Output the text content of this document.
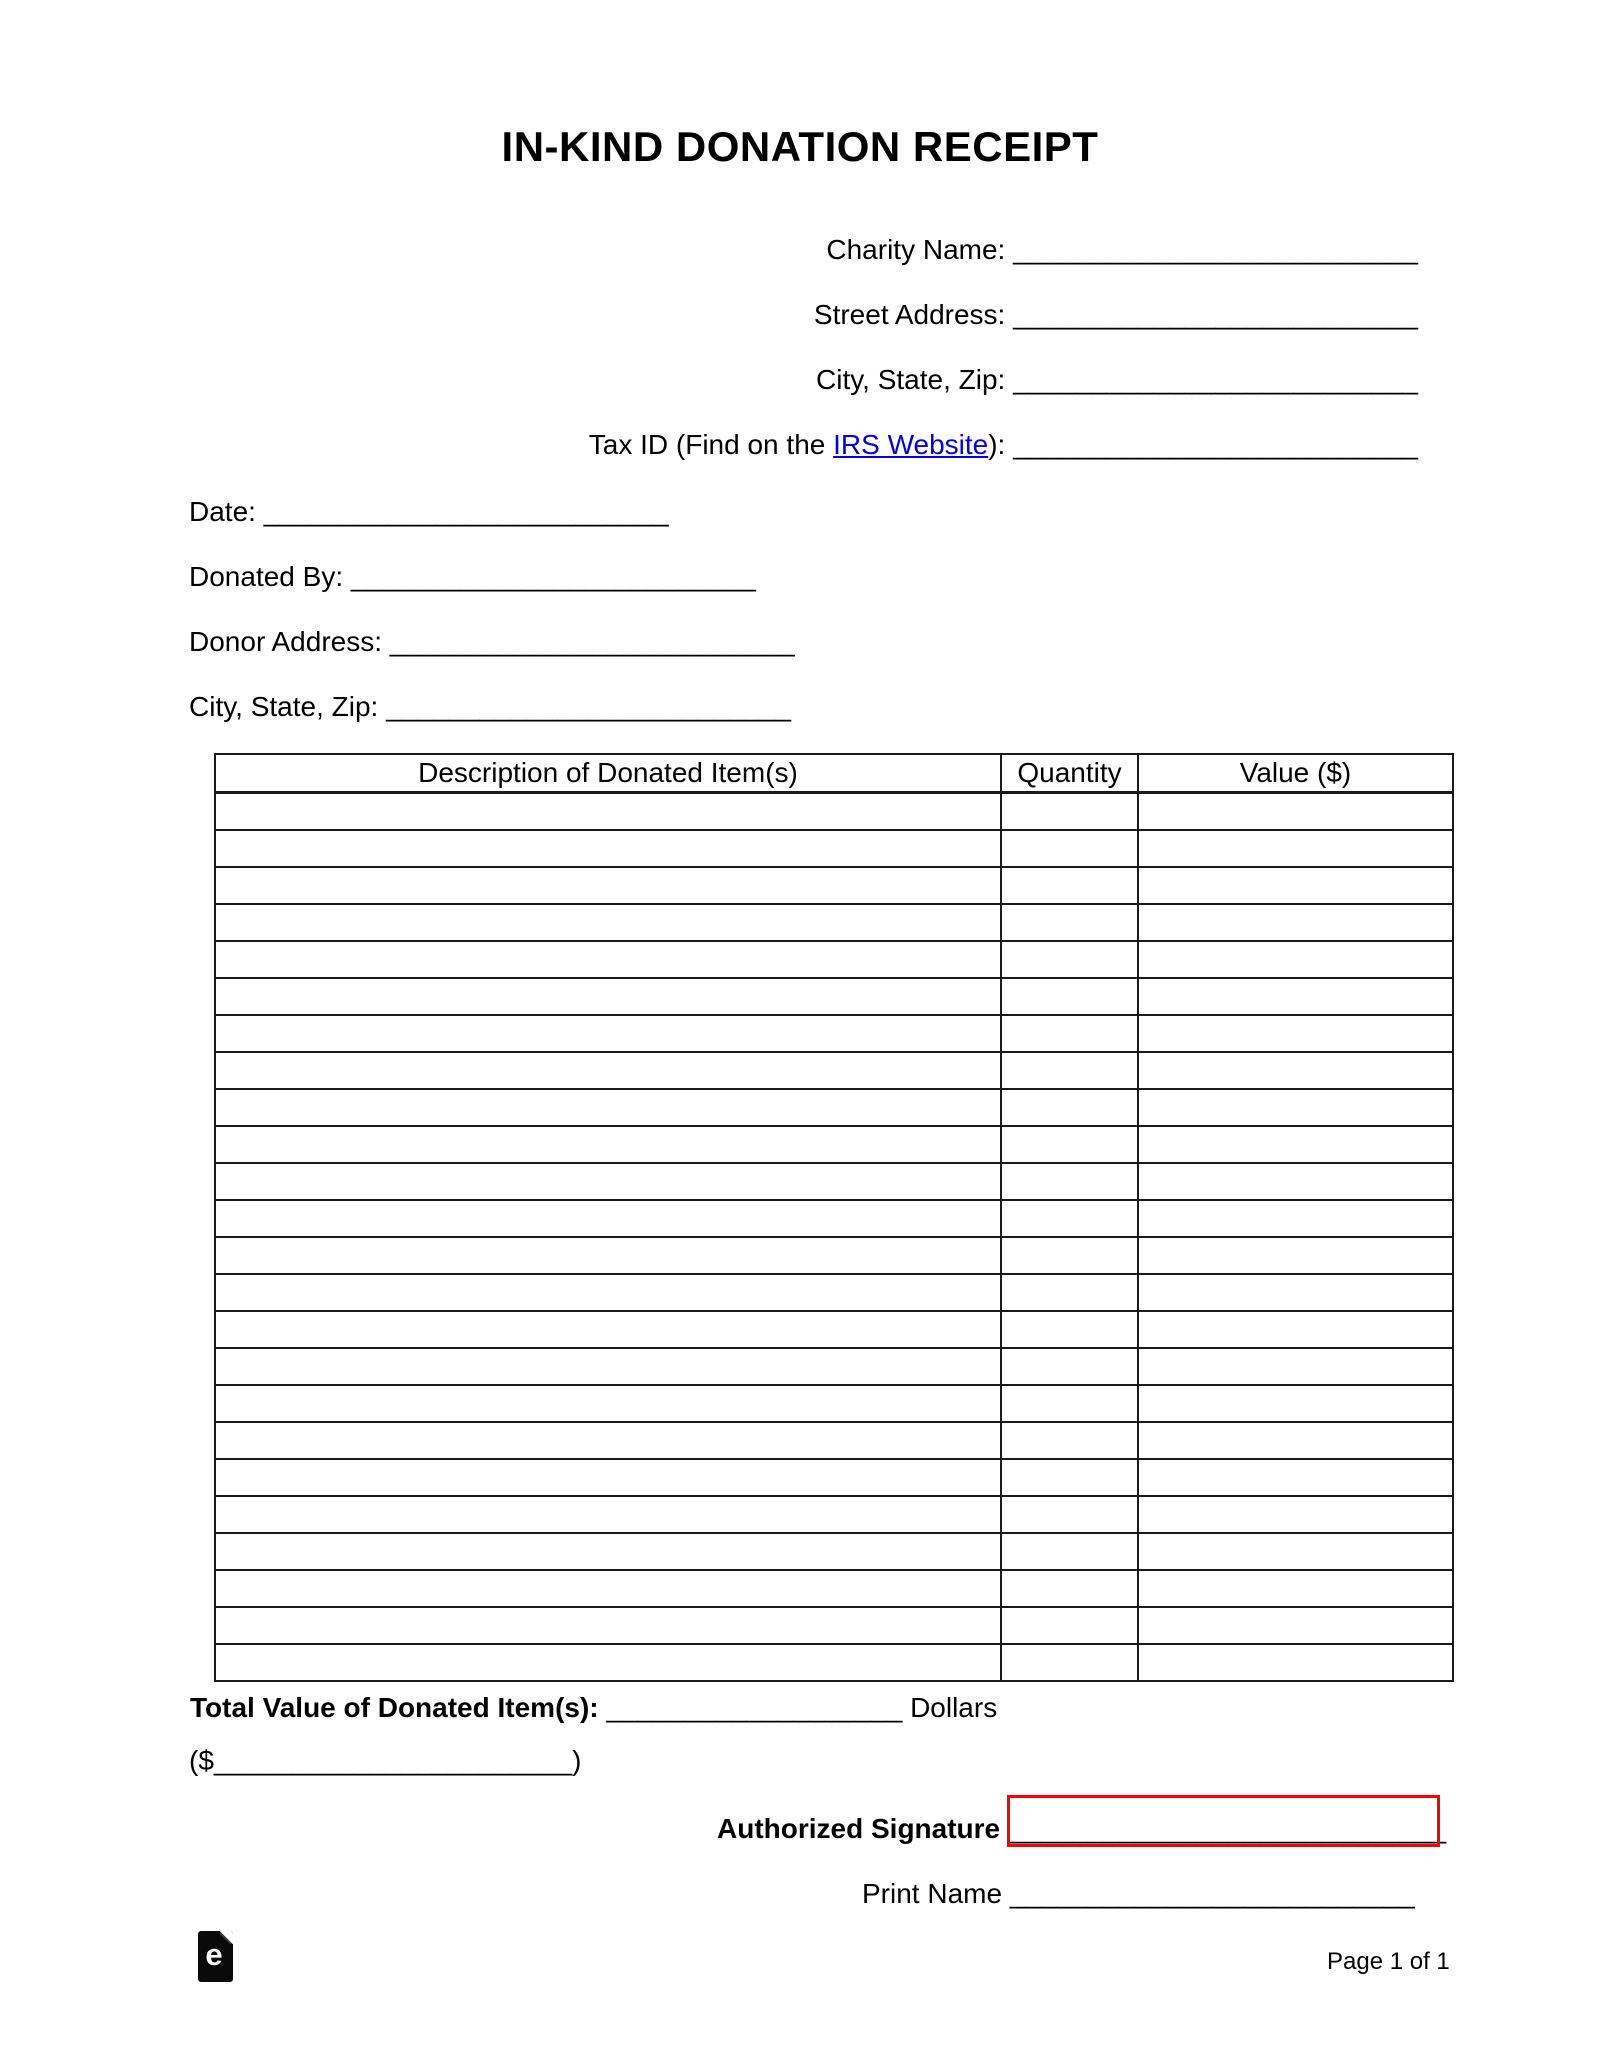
IN-KIND DONATION RECEIPT
Charity Name: __________________________
Street Address: __________________________
City, State, Zip: __________________________
Tax ID (Find on the IRS Website): __________________________
Date: __________________________
Donated By: __________________________
Donor Address: __________________________
City, State, Zip: __________________________
Description of Donated Item(s)	Quantity	Value ($)

Total Value of Donated Item(s): ___________________ Dollars
($_______________________)
Authorized Signature ____________________________
Print Name __________________________
e	Page 1 of 1
